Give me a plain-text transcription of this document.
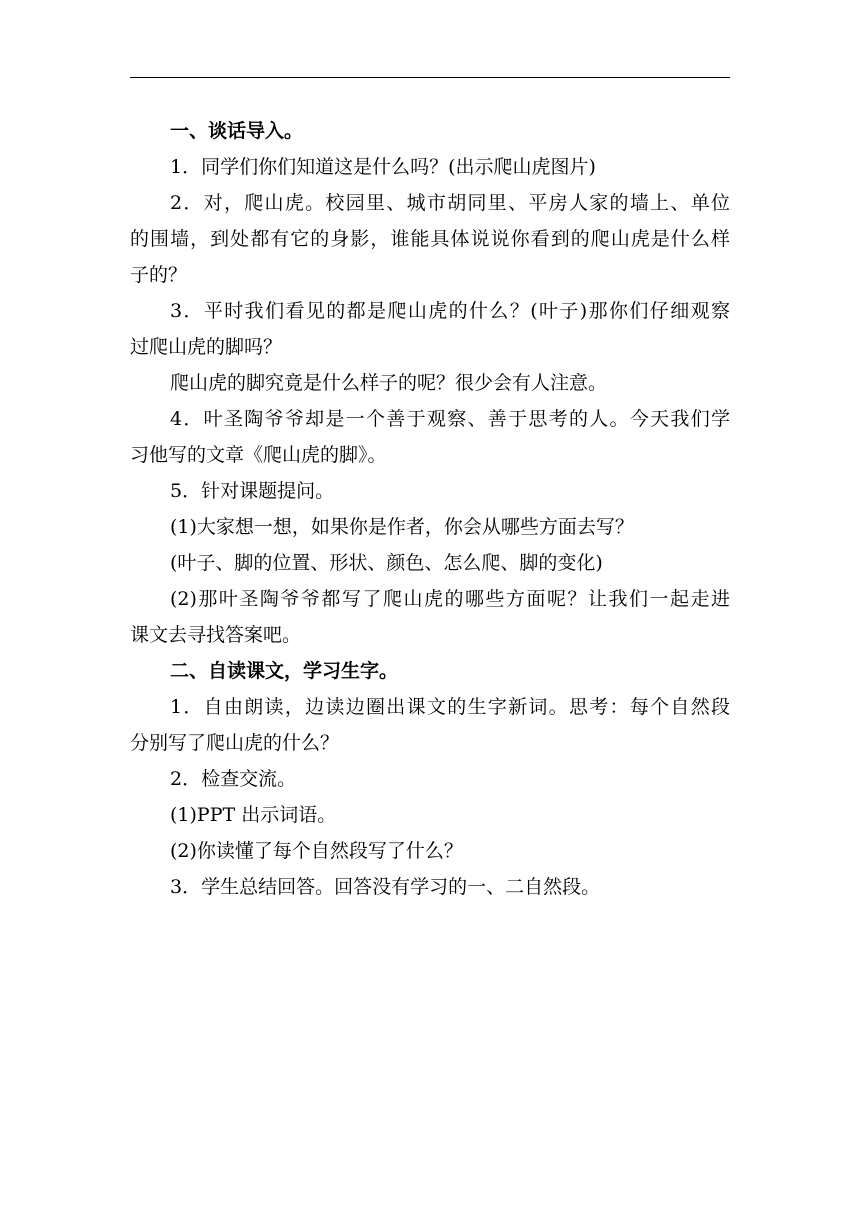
一、谈话导入。

1．同学们你们知道这是什么吗？(出示爬山虎图片)

2．对，爬山虎。校园里、城市胡同里、平房人家的墙上、单位

的围墙，到处都有它的身影，谁能具体说说你看到的爬山虎是什么样

子的？

3．平时我们看见的都是爬山虎的什么？(叶子)那你们仔细观察

过爬山虎的脚吗？

爬山虎的脚究竟是什么样子的呢？很少会有人注意。

4．叶圣陶爷爷却是一个善于观察、善于思考的人。今天我们学

习他写的文章《爬山虎的脚》。

5．针对课题提问。

(1)大家想一想，如果你是作者，你会从哪些方面去写？

(叶子、脚的位置、形状、颜色、怎么爬、脚的变化)

(2)那叶圣陶爷爷都写了爬山虎的哪些方面呢？让我们一起走进

课文去寻找答案吧。

二、自读课文，学习生字。

1．自由朗读，边读边圈出课文的生字新词。思考：每个自然段

分别写了爬山虎的什么？

2．检查交流。

(1)PPT 出示词语。

(2)你读懂了每个自然段写了什么？

3．学生总结回答。回答没有学习的一、二自然段。
